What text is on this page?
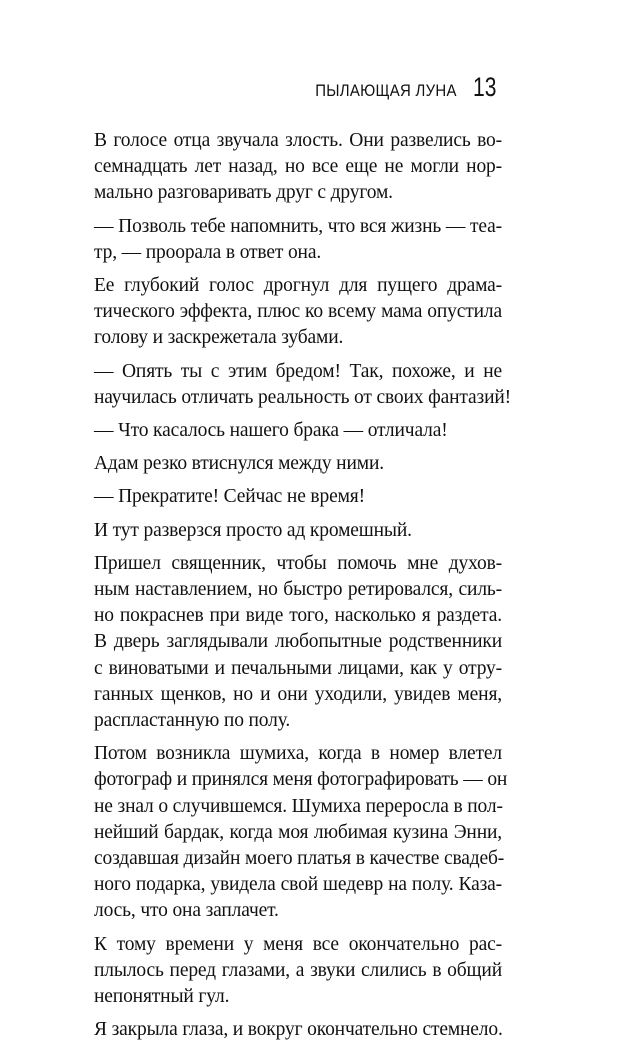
ПЫЛАЮЩАЯ ЛУНА 13

В голосе отца звучала злость. Они развелись во-
семнадцать лет назад, но все еще не могли нор-
мально разговаривать друг с другом.

— Позволь тебе напомнить, что вся жизнь — теа-
тр, — проорала в ответ она.

Ее глубокий голос дрогнул для пущего драма-
тического эффекта, плюс ко всему мама опустила
голову и заскрежетала зубами.

— Опять ты с этим бредом! Так, похоже, и не
научилась отличать реальность от своих фантазий!

— Что касалось нашего брака — отличала!

Адам резко втиснулся между ними.

— Прекратите! Сейчас не время!

И тут разверзся просто ад кромешный.

Пришел священник, чтобы помочь мне духов-
ным наставлением, но быстро ретировался, силь-
но покраснев при виде того, насколько я раздета.
В дверь заглядывали любопытные родственники
с виноватыми и печальными лицами, как у отру-
ганных щенков, но и они уходили, увидев меня,
распластанную по полу.

Потом возникла шумиха, когда в номер влетел
фотограф и принялся меня фотографировать — он
не знал о случившемся. Шумиха переросла в пол-
нейший бардак, когда моя любимая кузина Энни,
создавшая дизайн моего платья в качестве свадеб-
ного подарка, увидела свой шедевр на полу. Каза-
лось, что она заплачет.

К тому времени у меня все окончательно рас-
плылось перед глазами, а звуки слились в общий
непонятный гул.

Я закрыла глаза, и вокруг окончательно стемнело.
